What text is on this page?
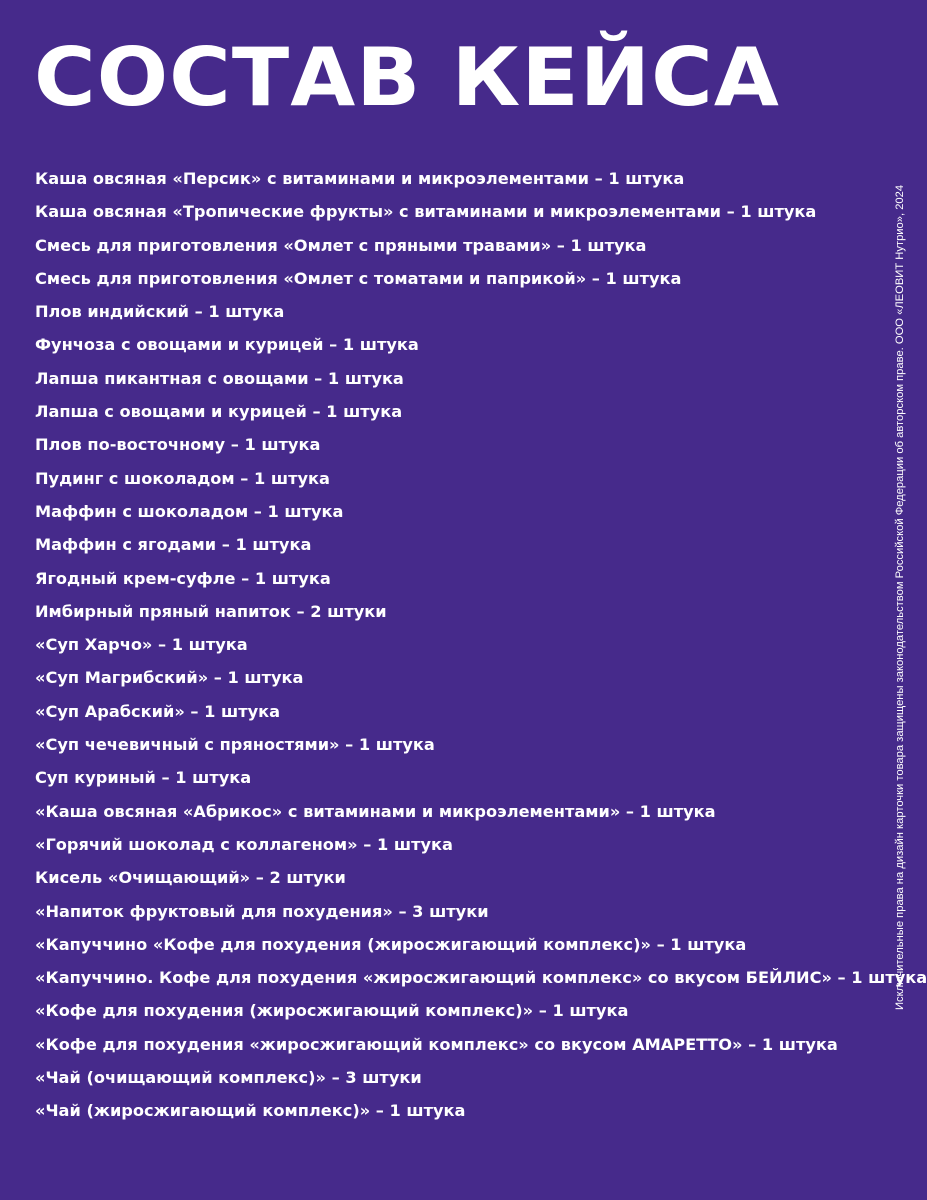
СОСТАВ КЕЙСА
Каша овсяная «Персик» с витаминами и микроэлементами – 1 штука
Каша овсяная «Тропические фрукты» с витаминами и микроэлементами – 1 штука
Смесь для приготовления «Омлет с пряными травами» – 1 штука
Смесь для приготовления «Омлет с томатами и паприкой» – 1 штука
Плов индийский – 1 штука
Фунчоза с овощами и курицей – 1 штука
Лапша пикантная с овощами – 1 штука
Лапша с овощами и курицей – 1 штука
Плов по-восточному – 1 штука
Пудинг с шоколадом – 1 штука
Маффин с шоколадом – 1 штука
Маффин с ягодами – 1 штука
Ягодный крем-суфле – 1 штука
Имбирный пряный напиток – 2 штуки
«Суп Харчо» – 1 штука
«Суп Магрибский» – 1 штука
«Суп Арабский» – 1 штука
«Суп чечевичный с пряностями» – 1 штука
Суп куриный – 1 штука
«Каша овсяная «Абрикос» с витаминами и микроэлементами» – 1 штука
«Горячий шоколад с коллагеном» – 1 штука
Кисель «Очищающий» – 2 штуки
«Напиток фруктовый для похудения» – 3 штуки
«Капуччино «Кофе для похудения (жиросжигающий комплекс)» – 1 штука
«Капуччино. Кофе для похудения «жиросжигающий комплекс» со вкусом БЕЙЛИС» – 1 штука
«Кофе для похудения (жиросжигающий комплекс)» – 1 штука
«Кофе для похудения «жиросжигающий комплекс» со вкусом АМАРЕТТО» – 1 штука
«Чай (очищающий комплекс)» – 3 штуки
«Чай (жиросжигающий комплекс)» – 1 штука
Исключительные права на дизайн карточки товара защищены законодательством Российской Федерации об авторском праве. ООО «ЛЕОВИТ Нутрио», 2024
